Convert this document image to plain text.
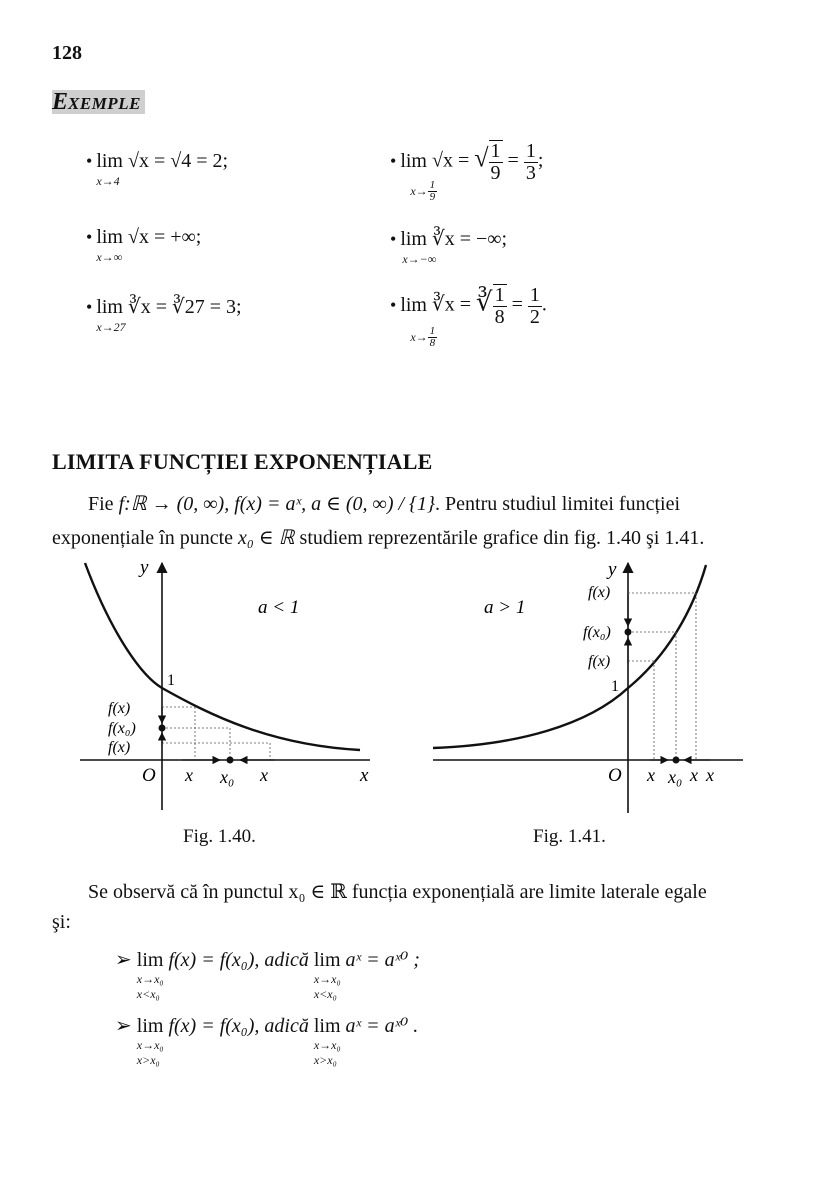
128
EXEMPLE
• lim
x→4
√x = √4 = 2;
• lim
x→∞
√x = +∞;
• lim
x→27
∛x = ∛27 = 3;
• lim
$x\to \frac{1}{9}$
√x = √ $\frac{1}{9} = \frac{1}{3}$ ;
• lim
x→−∞
∛x = −∞;
• lim
$x\to \frac{1}{8}$
∛x = ∛ $\frac{1}{8} = \frac{1}{2}$ .
LIMITA FUNCȚIEI EXPONENȚIALE
Fie f:ℝ → (0, ∞), f(x) = aˣ, a ∈ (0, ∞) / {1}. Pentru studiul limitei funcției
exponențiale în puncte x₀ ∈ ℝ studiem reprezentările grafice din fig. 1.40 şi 1.41.
y
x
O
1
a < 1
f(x)
f(x₀)
f(x)
x x₀ x
y
x
O
1
a > 1
f(x)
f(x₀)
f(x)
x x₀ x
Fig. 1.40.	Fig. 1.41.
Se observă că în punctul x₀ ∈ ℝ funcția exponențială are limite laterale egale
şi:
➢ lim
x→x₀
x<x₀
f(x) = f(x₀), adică lim
x→x₀
x<x₀
aˣ = aˣ⁰ ;
➢ lim
x→x₀
x>x₀
f(x) = f(x₀), adică lim
x→x₀
x>x₀
aˣ = aˣ⁰ .
